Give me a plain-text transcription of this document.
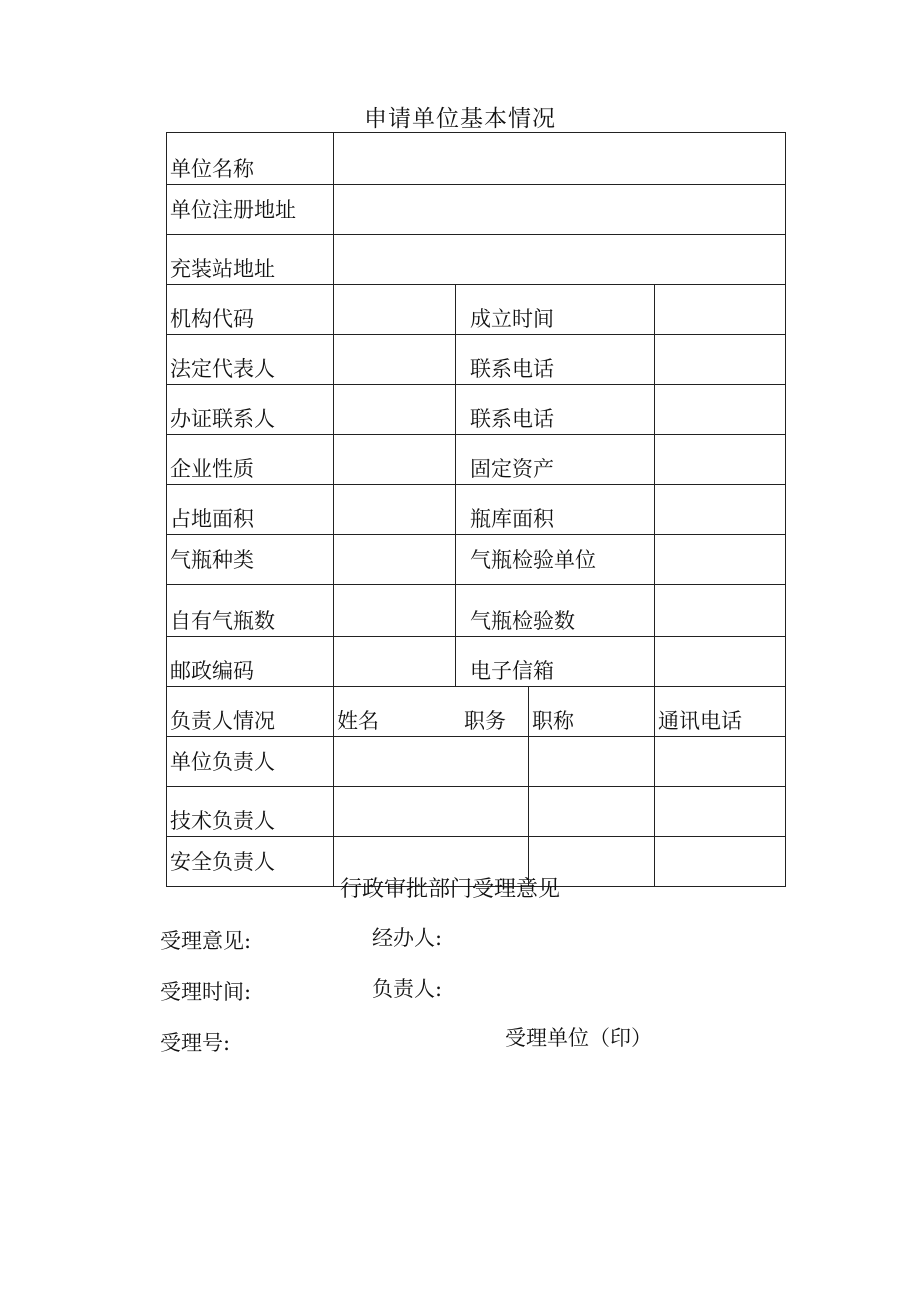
申请单位基本情况
单位名称				
单位注册地址				
充装站地址				
机构代码		成立时间		
法定代表人		联系电话		
办证联系人		联系电话		
企业性质		固定资产		
占地面积		瓶库面积		
气瓶种类		气瓶检验单位		
自有气瓶数		气瓶检验数		
邮政编码		电子信箱		
负责人情况	姓名 职务		职称	通讯电话
单位负责人				
技术负责人				
安全负责人				
行政审批部门受理意见
受理意见:	经办人:
受理时间:	负责人:
受理号:	受理单位（印）
